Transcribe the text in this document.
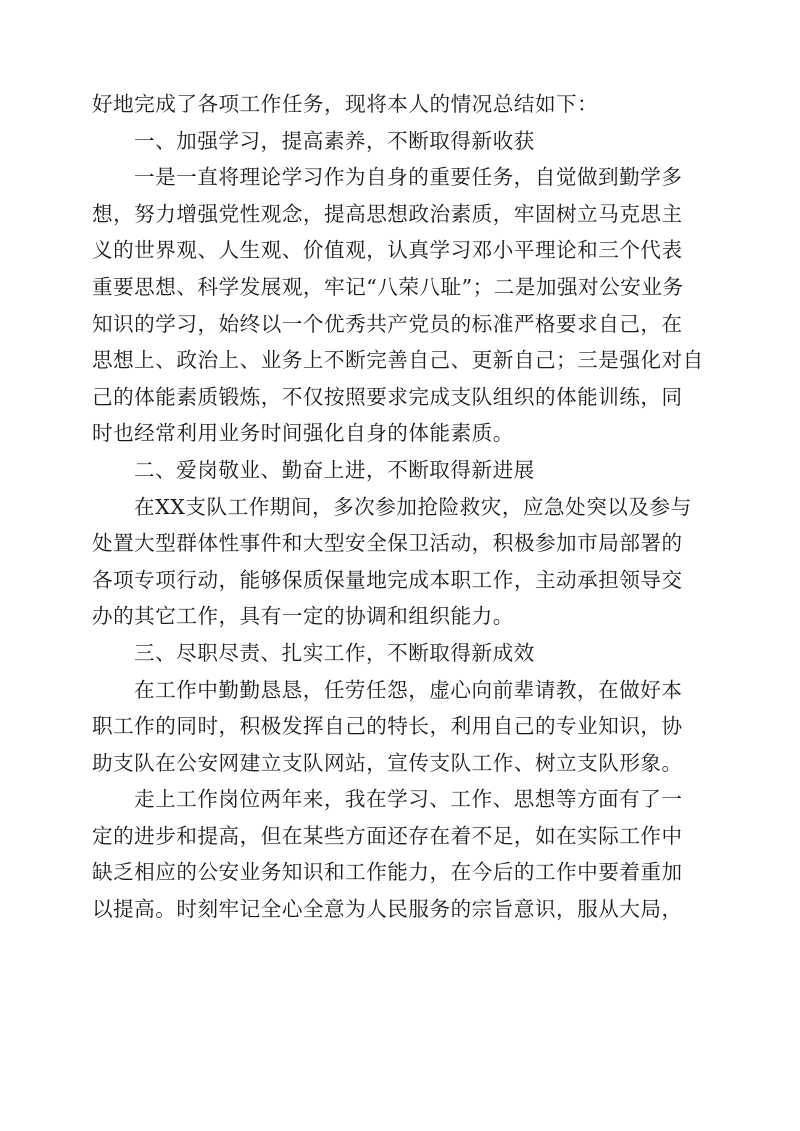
好地完成了各项工作任务，现将本人的情况总结如下：

一、加强学习，提高素养，不断取得新收获

一是一直将理论学习作为自身的重要任务，自觉做到勤学多
想，努力增强党性观念，提高思想政治素质，牢固树立马克思主
义的世界观、人生观、价值观，认真学习邓小平理论和三个代表
重要思想、科学发展观，牢记“八荣八耻”；二是加强对公安业务
知识的学习，始终以一个优秀共产党员的标准严格要求自己，在
思想上、政治上、业务上不断完善自己、更新自己；三是强化对自
己的体能素质锻炼，不仅按照要求完成支队组织的体能训练，同
时也经常利用业务时间强化自身的体能素质。

二、爱岗敬业、勤奋上进，不断取得新进展

在XX支队工作期间，多次参加抢险救灾，应急处突以及参与
处置大型群体性事件和大型安全保卫活动，积极参加市局部署的
各项专项行动，能够保质保量地完成本职工作，主动承担领导交
办的其它工作，具有一定的协调和组织能力。

三、尽职尽责、扎实工作，不断取得新成效

在工作中勤勤恳恳，任劳任怨，虚心向前辈请教，在做好本
职工作的同时，积极发挥自己的特长，利用自己的专业知识，协
助支队在公安网建立支队网站，宣传支队工作、树立支队形象。

走上工作岗位两年来，我在学习、工作、思想等方面有了一
定的进步和提高，但在某些方面还存在着不足，如在实际工作中
缺乏相应的公安业务知识和工作能力，在今后的工作中要着重加
以提高。时刻牢记全心全意为人民服务的宗旨意识，服从大局，
